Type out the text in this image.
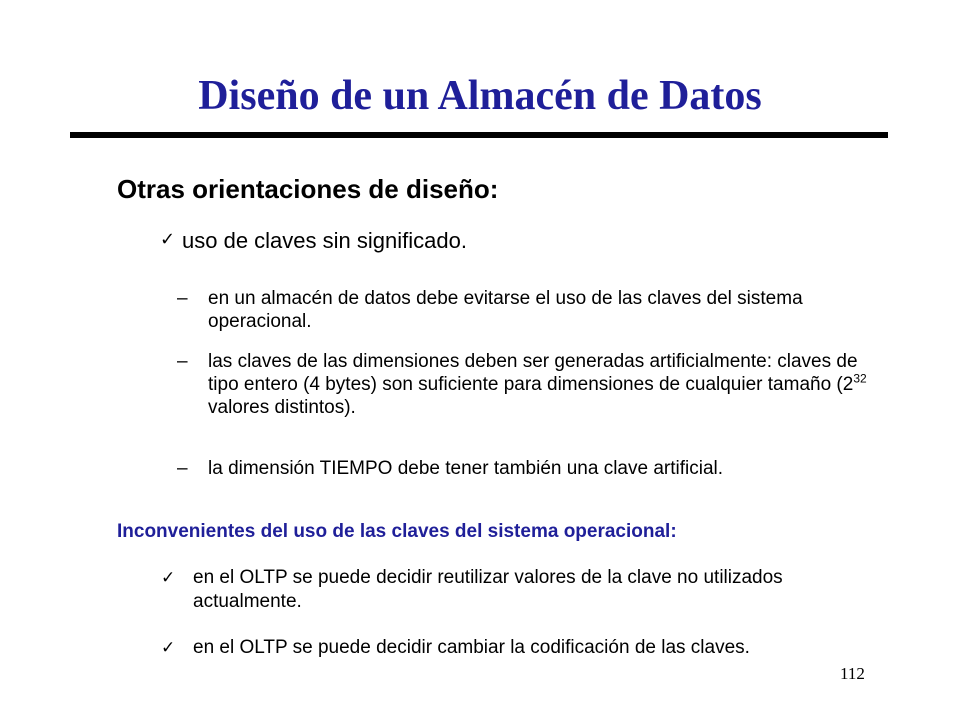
Diseño de un Almacén de Datos
Otras orientaciones de diseño:
✓ uso de claves sin significado.
– en un almacén de datos debe evitarse el uso de las claves del sistema operacional.
– las claves de las dimensiones deben ser generadas artificialmente: claves de tipo entero (4 bytes) son suficiente para dimensiones de cualquier tamaño ($2^{32}$ valores distintos).
– la dimensión TIEMPO debe tener también una clave artificial.
Inconvenientes del uso de las claves del sistema operacional:
✓ en el OLTP se puede decidir reutilizar valores de la clave no utilizados actualmente.
✓ en el OLTP se puede decidir cambiar la codificación de las claves.
112
